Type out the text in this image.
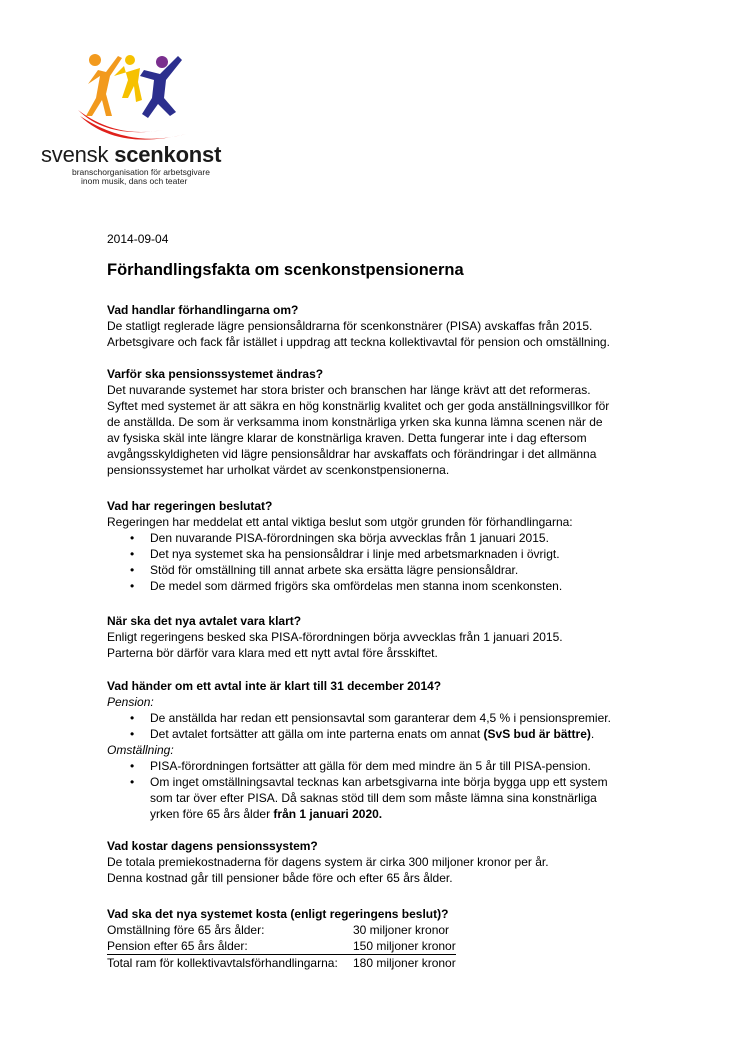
svensk scenkonst
branschorganisation för arbetsgivare
inom musik, dans och teater
2014-09-04
Förhandlingsfakta om scenkonstpensionerna
Vad handlar förhandlingarna om?

De statligt reglerade lägre pensionsåldrarna för scenkonstnärer (PISA) avskaffas från 2015.

Arbetsgivare och fack får istället i uppdrag att teckna kollektivavtal för pension och omställning.

Varför ska pensionssystemet ändras?

Det nuvarande systemet har stora brister och branschen har länge krävt att det reformeras.

Syftet med systemet är att säkra en hög konstnärlig kvalitet och ger goda anställningsvillkor för

de anställda. De som är verksamma inom konstnärliga yrken ska kunna lämna scenen när de

av fysiska skäl inte längre klarar de konstnärliga kraven. Detta fungerar inte i dag eftersom

avgångsskyldigheten vid lägre pensionsåldrar har avskaffats och förändringar i det allmänna

pensionssystemet har urholkat värdet av scenkonstpensionerna.

Vad har regeringen beslutat?

Regeringen har meddelat ett antal viktiga beslut som utgör grunden för förhandlingarna:

• Den nuvarande PISA-förordningen ska börja avvecklas från 1 januari 2015.
• Det nya systemet ska ha pensionsåldrar i linje med arbetsmarknaden i övrigt.
• Stöd för omställning till annat arbete ska ersätta lägre pensionsåldrar.
• De medel som därmed frigörs ska omfördelas men stanna inom scenkonsten.
När ska det nya avtalet vara klart?

Enligt regeringens besked ska PISA-förordningen börja avvecklas från 1 januari 2015.

Parterna bör därför vara klara med ett nytt avtal före årsskiftet.

Vad händer om ett avtal inte är klart till 31 december 2014?

Pension:

• De anställda har redan ett pensionsavtal som garanterar dem 4,5 % i pensionspremier.
• Det avtalet fortsätter att gälla om inte parterna enats om annat (SvS bud är bättre).

Omställning:

• PISA-förordningen fortsätter att gälla för dem med mindre än 5 år till PISA-pension.
• Om inget omställningsavtal tecknas kan arbetsgivarna inte börja bygga upp ett system
som tar över efter PISA. Då saknas stöd till dem som måste lämna sina konstnärliga
yrken före 65 års ålder från 1 januari 2020.
Vad kostar dagens pensionssystem?

De totala premiekostnaderna för dagens system är cirka 300 miljoner kronor per år.

Denna kostnad går till pensioner både före och efter 65 års ålder.

Vad ska det nya systemet kosta (enligt regeringens beslut)?
Omställning före 65 års ålder:	30 miljoner kronor
Pension efter 65 års ålder:	150 miljoner kronor
Total ram för kollektivavtalsförhandlingarna:	180 miljoner kronor
